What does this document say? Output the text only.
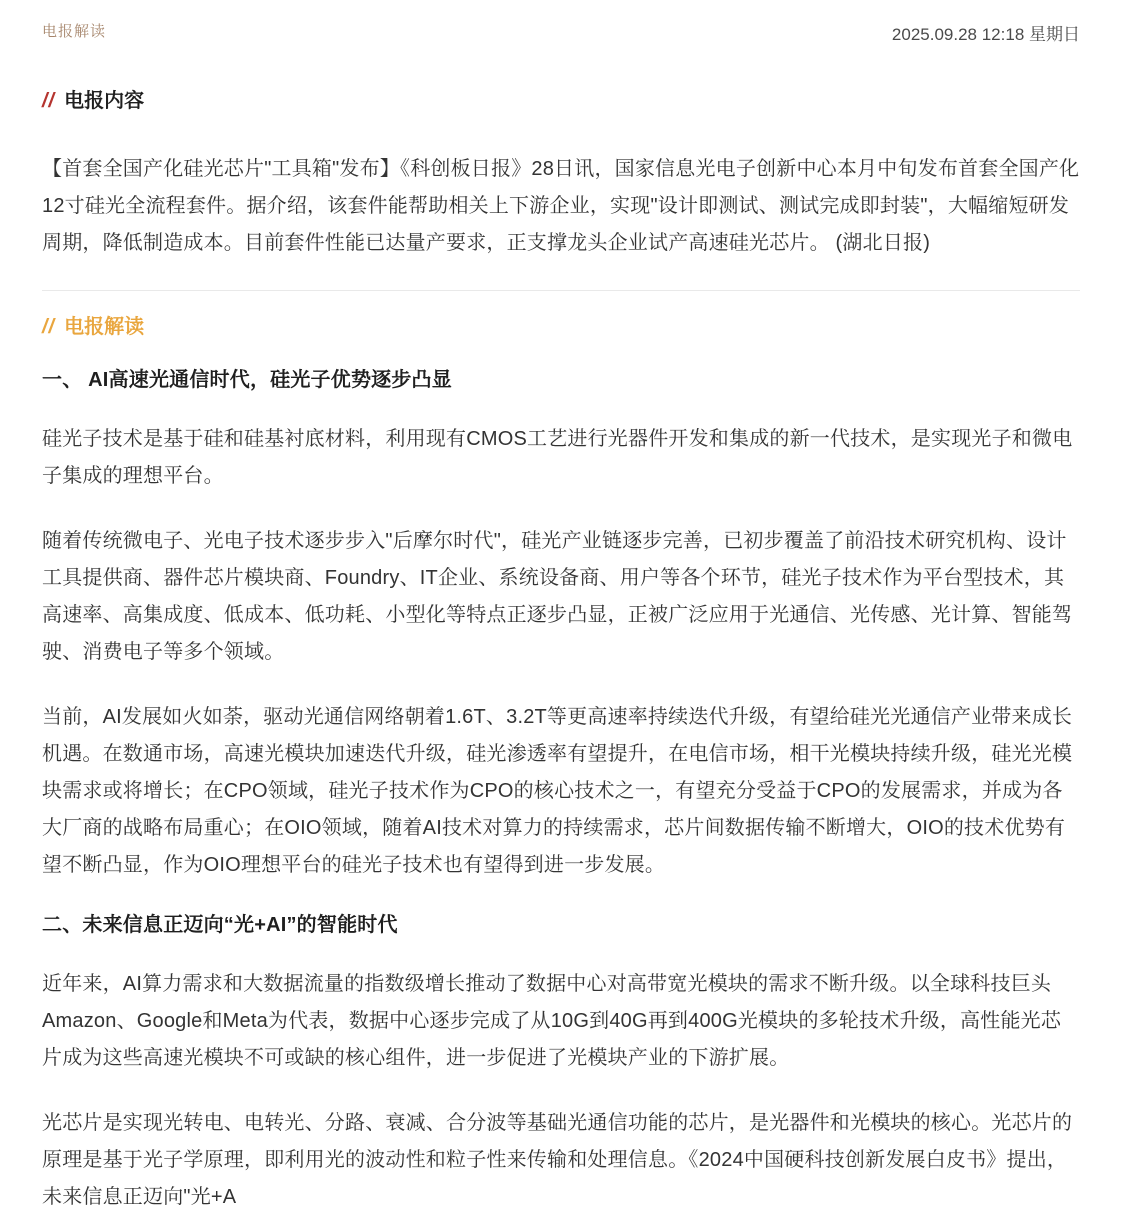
电报解读	2025.09.28 12:18 星期日
// 电报内容

【首套全国产化硅光芯片"工具箱"发布】《科创板日报》28日讯，国家信息光电子创新中心本月中旬发布首套全国产化12寸硅光全流程套件。据介绍，该套件能帮助相关上下游企业，实现"设计即测试、测试完成即封装"，大幅缩短研发周期，降低制造成本。目前套件性能已达量产要求，正支撑龙头企业试产高速硅光芯片。 (湖北日报)

// 电报解读
一、 AI高速光通信时代，硅光子优势逐步凸显

硅光子技术是基于硅和硅基衬底材料，利用现有CMOS工艺进行光器件开发和集成的新一代技术，是实现光子和微电子集成的理想平台。

随着传统微电子、光电子技术逐步步入"后摩尔时代"，硅光产业链逐步完善，已初步覆盖了前沿技术研究机构、设计工具提供商、器件芯片模块商、Foundry、IT企业、系统设备商、用户等各个环节，硅光子技术作为平台型技术，其高速率、高集成度、低成本、低功耗、小型化等特点正逐步凸显，正被广泛应用于光通信、光传感、光计算、智能驾驶、消费电子等多个领域。

当前，AI发展如火如荼，驱动光通信网络朝着1.6T、3.2T等更高速率持续迭代升级，有望给硅光光通信产业带来成长机遇。在数通市场，高速光模块加速迭代升级，硅光渗透率有望提升，在电信市场，相干光模块持续升级，硅光光模块需求或将增长；在CPO领域，硅光子技术作为CPO的核心技术之一，有望充分受益于CPO的发展需求，并成为各大厂商的战略布局重心；在OIO领域，随着AI技术对算力的持续需求，芯片间数据传输不断增大，OIO的技术优势有望不断凸显，作为OIO理想平台的硅光子技术也有望得到进一步发展。

二、未来信息正迈向“光+AI”的智能时代

近年来，AI算力需求和大数据流量的指数级增长推动了数据中心对高带宽光模块的需求不断升级。以全球科技巨头Amazon、Google和Meta为代表，数据中心逐步完成了从10G到40G再到400G光模块的多轮技术升级，高性能光芯片成为这些高速光模块不可或缺的核心组件，进一步促进了光模块产业的下游扩展。

光芯片是实现光转电、电转光、分路、衰减、合分波等基础光通信功能的芯片，是光器件和光模块的核心。光芯片的原理是基于光子学原理，即利用光的波动性和粒子性来传输和处理信息。《2024中国硬科技创新发展白皮书》提出，未来信息正迈向"光+A
